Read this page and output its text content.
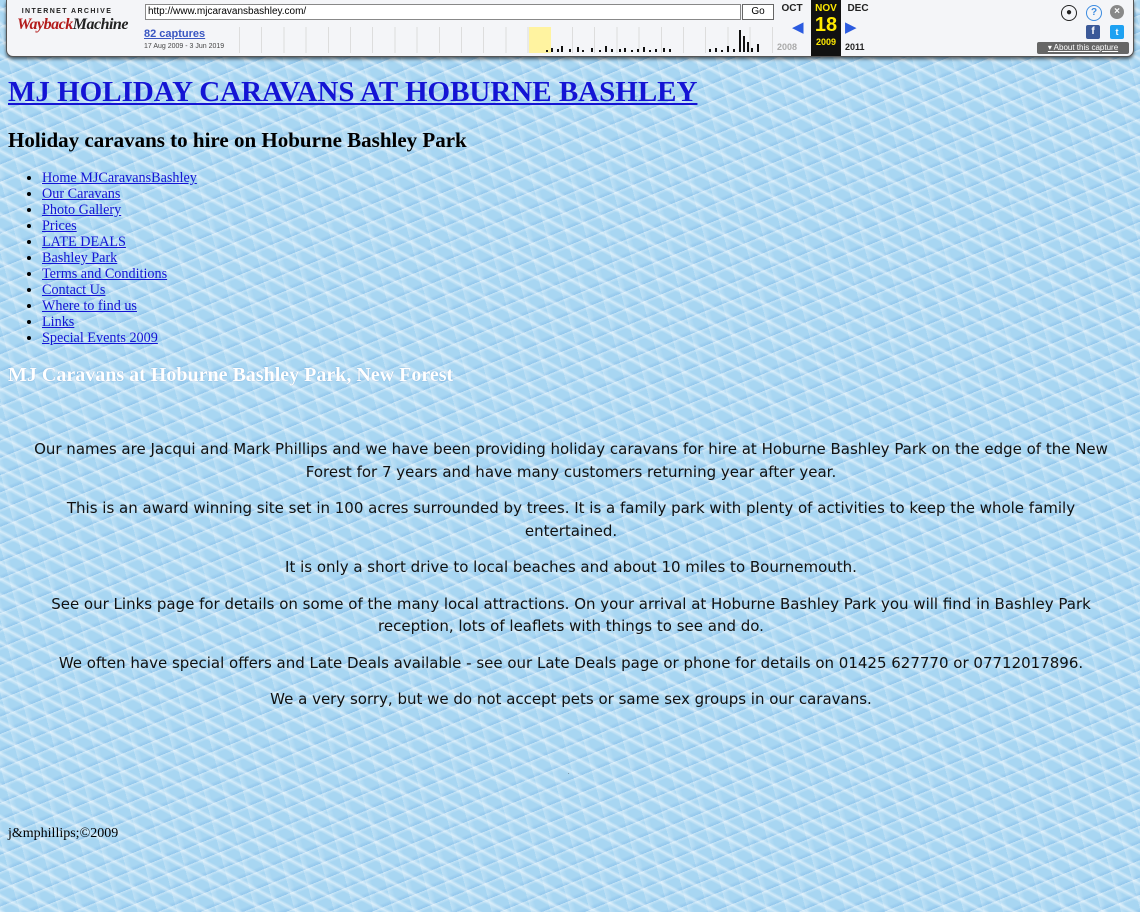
INTERNET ARCHIVE
WaybackMachine
http://www.mjcaravansbashley.com/	Go
82 captures
17 Aug 2009 - 3 Jun 2019
OCT
◀
2008
NOV
18
2009
DEC
▶
2011
●	?	×
f	t
▾ About this capture
MJ HOLIDAY CARAVANS AT HOBURNE BASHLEY
Holiday caravans to hire on Hoburne Bashley Park
• Home MJCaravansBashley
• Our Caravans
• Photo Gallery
• Prices
• LATE DEALS
• Bashley Park
• Terms and Conditions
• Contact Us
• Where to find us
• Links
• Special Events 2009
MJ Caravans at Hoburne Bashley Park, New Forest

Our names are Jacqui and Mark Phillips and we have been providing holiday caravans for hire at Hoburne Bashley Park on the edge of the New Forest for 7 years and have many customers returning year after year.

This is an award winning site set in 100 acres surrounded by trees. It is a family park with plenty of activities to keep the whole family entertained.

It is only a short drive to local beaches and about 10 miles to Bournemouth.

See our Links page for details on some of the many local attractions. On your arrival at Hoburne Bashley Park you will find in Bashley Park reception, lots of leaflets with things to see and do.

We often have special offers and Late Deals available - see our Late Deals page or phone for details on 01425 627770 or 07712017896.

We a very sorry, but we do not accept pets or same sex groups in our caravans.

.
j&mphillips;©2009
